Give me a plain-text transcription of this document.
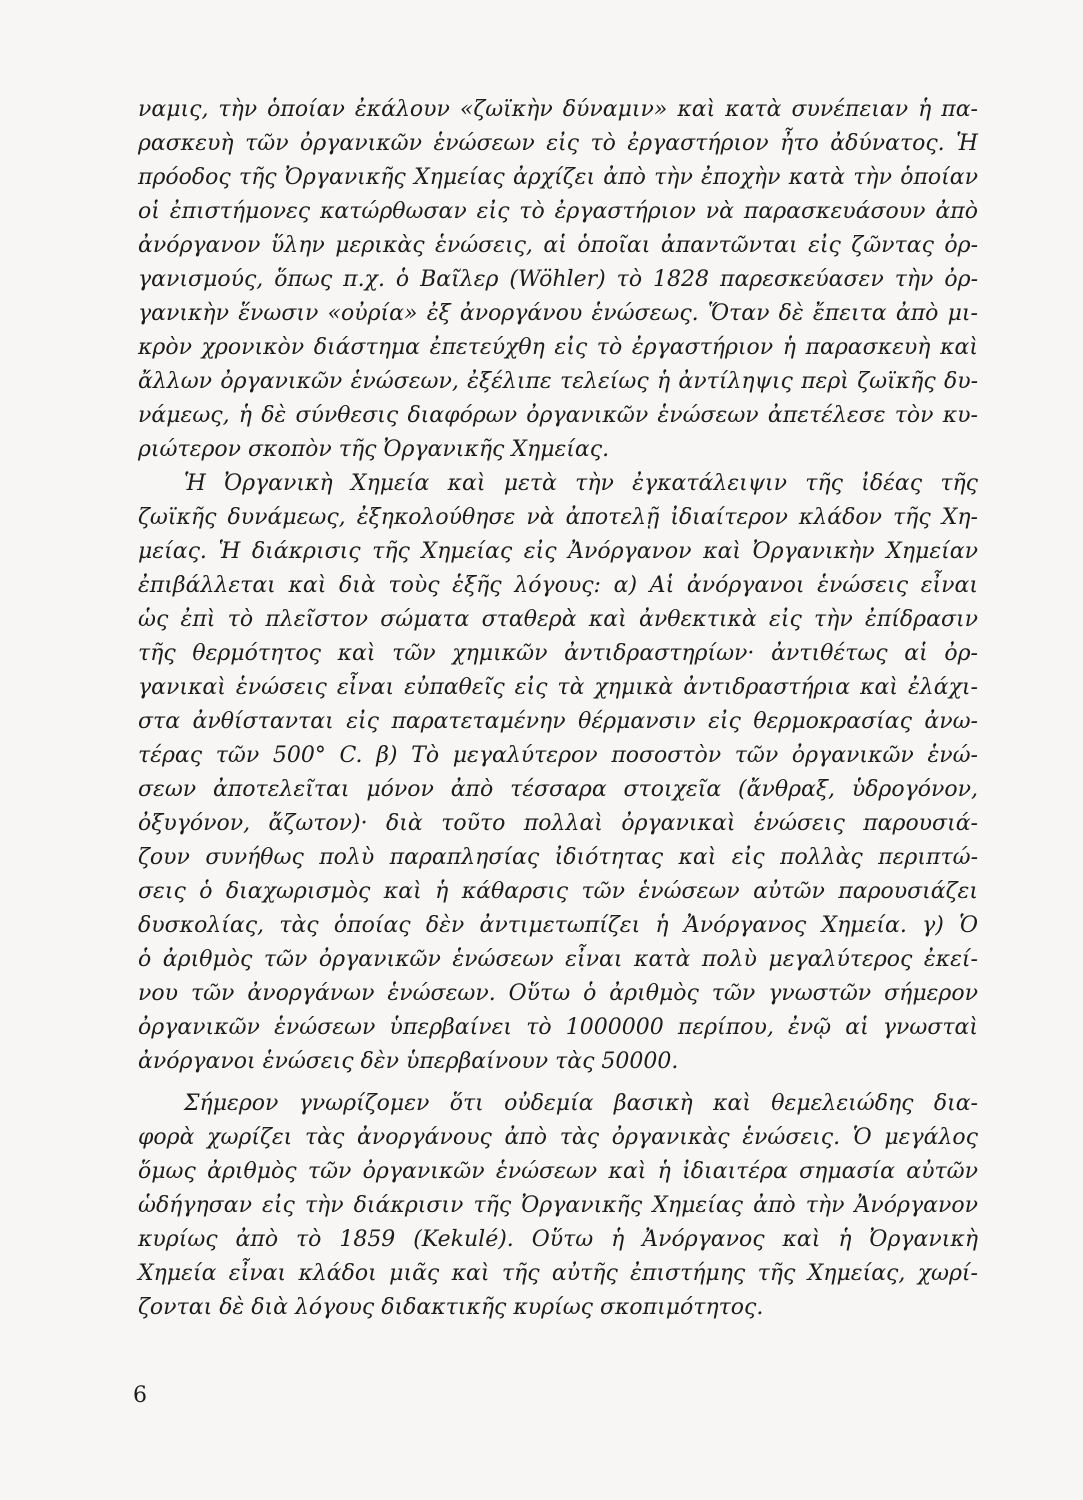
ναμις, τὴν ὁποίαν ἐκάλουν «ζωϊκὴν δύναμιν» καὶ κατὰ συνέπειαν ἡ πα-
ρασκευὴ τῶν ὀργανικῶν ἑνώσεων εἰς τὸ ἐργαστήριον ἦτο ἀδύνατος. Ἡ
πρόοδος τῆς Ὀργανικῆς Χημείας ἀρχίζει ἀπὸ τὴν ἐποχὴν κατὰ τὴν ὁποίαν
οἱ ἐπιστήμονες κατώρθωσαν εἰς τὸ ἐργαστήριον νὰ παρασκευάσουν ἀπὸ
ἀνόργανον ὕλην μερικὰς ἑνώσεις, αἱ ὁποῖαι ἀπαντῶνται εἰς ζῶντας ὀρ-
γανισμούς, ὅπως π.χ. ὁ Βαῖλερ (Wöhler) τὸ 1828 παρεσκεύασεν τὴν ὀρ-
γανικὴν ἕνωσιν «οὐρία» ἐξ ἀνοργάνου ἑνώσεως. Ὅταν δὲ ἔπειτα ἀπὸ μι-
κρὸν χρονικὸν διάστημα ἐπετεύχθη εἰς τὸ ἐργαστήριον ἡ παρασκευὴ καὶ
ἄλλων ὀργανικῶν ἑνώσεων, ἐξέλιπε τελείως ἡ ἀντίληψις περὶ ζωϊκῆς δυ-
νάμεως, ἡ δὲ σύνθεσις διαφόρων ὀργανικῶν ἑνώσεων ἀπετέλεσε τὸν κυ-
ριώτερον σκοπὸν τῆς Ὀργανικῆς Χημείας.
Ἡ Ὀργανικὴ Χημεία καὶ μετὰ τὴν ἐγκατάλειψιν τῆς ἰδέας τῆς
ζωϊκῆς δυνάμεως, ἐξηκολούθησε νὰ ἀποτελῇ ἰδιαίτερον κλάδον τῆς Χη-
μείας. Ἡ διάκρισις τῆς Χημείας εἰς Ἀνόργανον καὶ Ὀργανικὴν Χημείαν
ἐπιβάλλεται καὶ διὰ τοὺς ἑξῆς λόγους: α) Αἱ ἀνόργανοι ἑνώσεις εἶναι
ὡς ἐπὶ τὸ πλεῖστον σώματα σταθερὰ καὶ ἀνθεκτικὰ εἰς τὴν ἐπίδρασιν
τῆς θερμότητος καὶ τῶν χημικῶν ἀντιδραστηρίων· ἀντιθέτως αἱ ὀρ-
γανικαὶ ἑνώσεις εἶναι εὐπαθεῖς εἰς τὰ χημικὰ ἀντιδραστήρια καὶ ἐλάχι-
στα ἀνθίστανται εἰς παρατεταμένην θέρμανσιν εἰς θερμοκρασίας ἀνω-
τέρας τῶν 500° C. β) Τὸ μεγαλύτερον ποσοστὸν τῶν ὀργανικῶν ἑνώ-
σεων ἀποτελεῖται μόνον ἀπὸ τέσσαρα στοιχεῖα (ἄνθραξ, ὑδρογόνον,
ὀξυγόνον, ἄζωτον)· διὰ τοῦτο πολλαὶ ὀργανικαὶ ἑνώσεις παρουσιά-
ζουν συνήθως πολὺ παραπλησίας ἰδιότητας καὶ εἰς πολλὰς περιπτώ-
σεις ὁ διαχωρισμὸς καὶ ἡ κάθαρσις τῶν ἑνώσεων αὐτῶν παρουσιάζει
δυσκολίας, τὰς ὁποίας δὲν ἀντιμετωπίζει ἡ Ἀνόργανος Χημεία. γ) Ὁ
ὁ ἀριθμὸς τῶν ὀργανικῶν ἑνώσεων εἶναι κατὰ πολὺ μεγαλύτερος ἐκεί-
νου τῶν ἀνοργάνων ἑνώσεων. Οὕτω ὁ ἀριθμὸς τῶν γνωστῶν σήμερον
ὀργανικῶν ἑνώσεων ὑπερβαίνει τὸ 1000000 περίπου, ἐνῷ αἱ γνωσταὶ
ἀνόργανοι ἑνώσεις δὲν ὑπερβαίνουν τὰς 50000.
Σήμερον γνωρίζομεν ὅτι οὐδεμία βασικὴ καὶ θεμελειώδης δια-
φορὰ χωρίζει τὰς ἀνοργάνους ἀπὸ τὰς ὀργανικὰς ἑνώσεις. Ὁ μεγάλος
ὅμως ἀριθμὸς τῶν ὀργανικῶν ἑνώσεων καὶ ἡ ἰδιαιτέρα σημασία αὐτῶν
ὡδήγησαν εἰς τὴν διάκρισιν τῆς Ὀργανικῆς Χημείας ἀπὸ τὴν Ἀνόργανον
κυρίως ἀπὸ τὸ 1859 (Kekulé). Οὕτω ἡ Ἀνόργανος καὶ ἡ Ὀργανικὴ
Χημεία εἶναι κλάδοι μιᾶς καὶ τῆς αὐτῆς ἐπιστήμης τῆς Χημείας, χωρί-
ζονται δὲ διὰ λόγους διδακτικῆς κυρίως σκοπιμότητος.
6
